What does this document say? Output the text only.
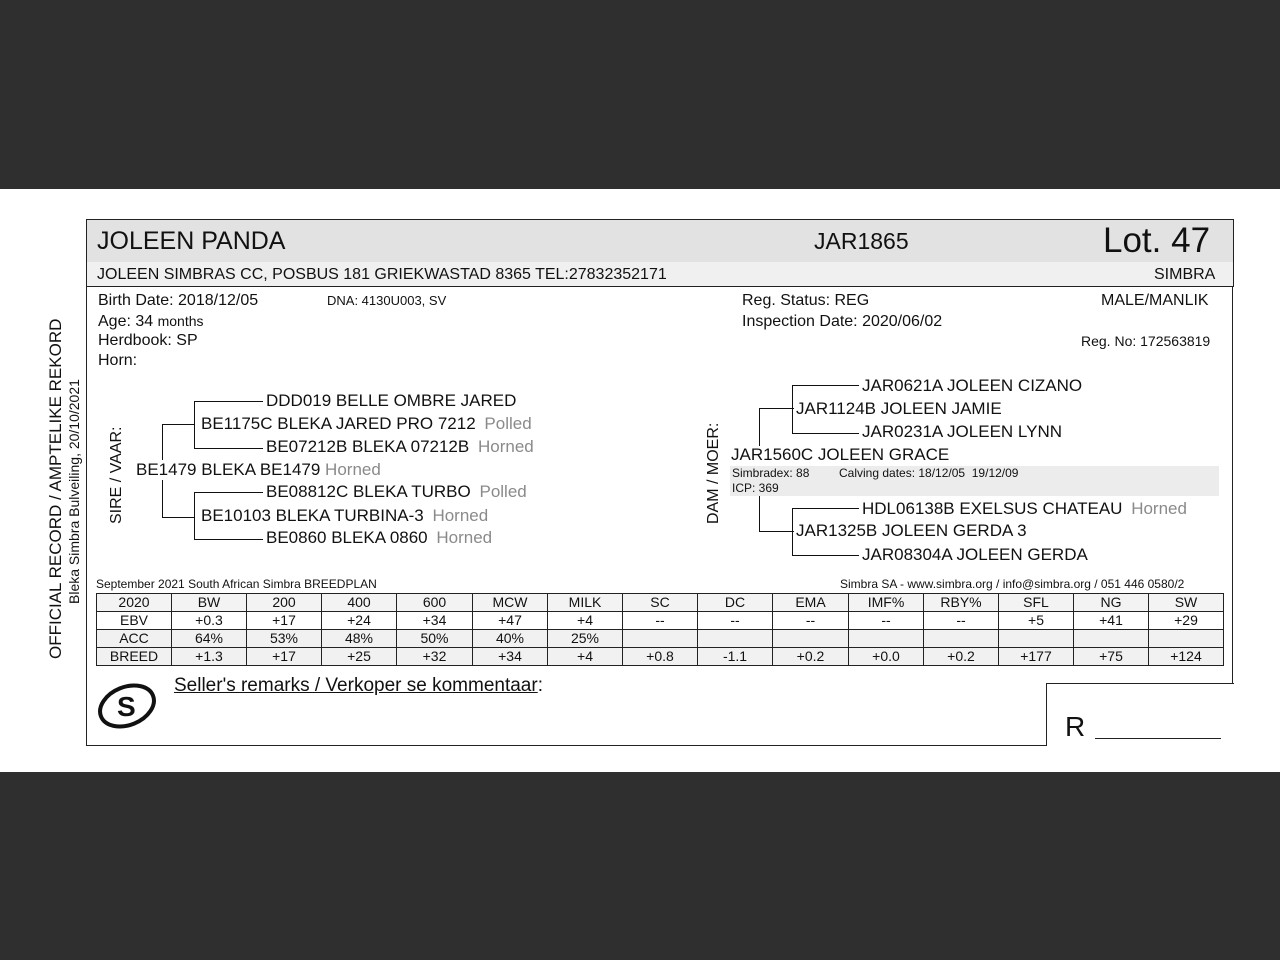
OFFICIAL RECORD / AMPTELIKE REKORD Bleka Simbra Bulveiling, 20/10/2021
JOLEEN PANDA	JAR1865	Lot. 47
JOLEEN SIMBRAS CC, POSBUS 181 GRIEKWASTAD 8365 TEL:27832352171	SIMBRA
Birth Date: 2018/12/05	DNA: 4130U003, SV
Age: 34 months
Herdbook: SP
Horn:
Reg. Status: REG
Inspection Date: 2020/06/02
MALE/MANLIK
Reg. No: 172563819
SIRE / VAAR:
DDD019 BELLE OMBRE JARED
BE1175C BLEKA JARED PRO 7212 Polled
BE07212B BLEKA 07212B Horned
BE1479 BLEKA BE1479 Horned
BE08812C BLEKA TURBO Polled
BE10103 BLEKA TURBINA-3 Horned
BE0860 BLEKA 0860 Horned
DAM / MOER:
JAR0621A JOLEEN CIZANO
JAR1124B JOLEEN JAMIE
JAR0231A JOLEEN LYNN
JAR1560C JOLEEN GRACE
Simbradex: 88 Calving dates: 18/12/05  19/12/09
ICP: 369
HDL06138B EXELSUS CHATEAU Horned
JAR1325B JOLEEN GERDA 3
JAR08304A JOLEEN GERDA
September 2021 South African Simbra BREEDPLAN	Simbra SA - www.simbra.org / info@simbra.org / 051 446 0580/2
2020	BW	200	400	600	MCW	MILK	SC	DC	EMA	IMF%	RBY%	SFL	NG	SW
EBV	+0.3	+17	+24	+34	+47	+4	--	--	--	--	--	+5	+41	+29
ACC	64%	53%	48%	50%	40%	25%								
BREED	+1.3	+17	+25	+32	+34	+4	+0.8	-1.1	+0.2	+0.0	+0.2	+177	+75	+124
S
Seller's remarks / Verkoper se kommentaar:
R
